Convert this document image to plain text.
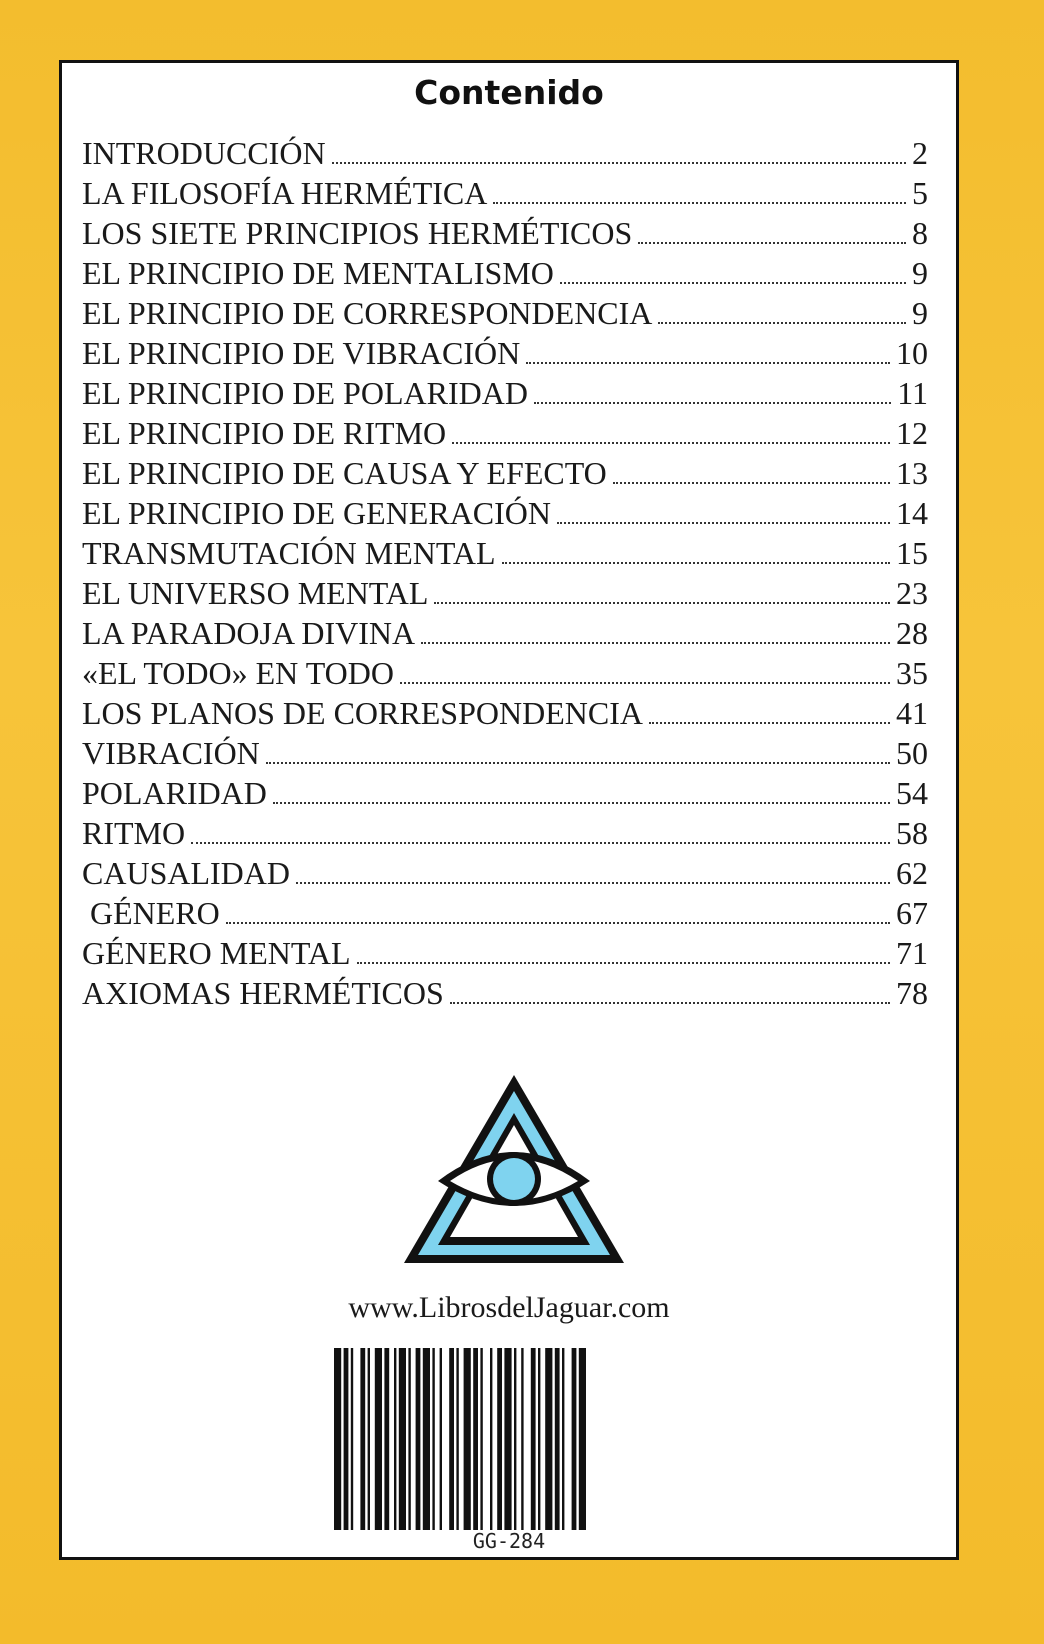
Contenido
INTRODUCCIÓN	2
LA FILOSOFÍA HERMÉTICA	5
LOS SIETE PRINCIPIOS HERMÉTICOS	8
EL PRINCIPIO DE MENTALISMO	9
EL PRINCIPIO DE CORRESPONDENCIA	9
EL PRINCIPIO DE VIBRACIÓN	10
EL PRINCIPIO DE POLARIDAD	11
EL PRINCIPIO DE RITMO	12
EL PRINCIPIO DE CAUSA Y EFECTO	13
EL PRINCIPIO DE GENERACIÓN	14
TRANSMUTACIÓN MENTAL	15
EL UNIVERSO MENTAL	23
LA PARADOJA DIVINA	28
«EL TODO» EN TODO	35
LOS PLANOS DE CORRESPONDENCIA	41
VIBRACIÓN	50
POLARIDAD	54
RITMO	58
CAUSALIDAD	62
GÉNERO	67
GÉNERO MENTAL	71
AXIOMAS HERMÉTICOS	78
www.LibrosdelJaguar.com
GG-284
